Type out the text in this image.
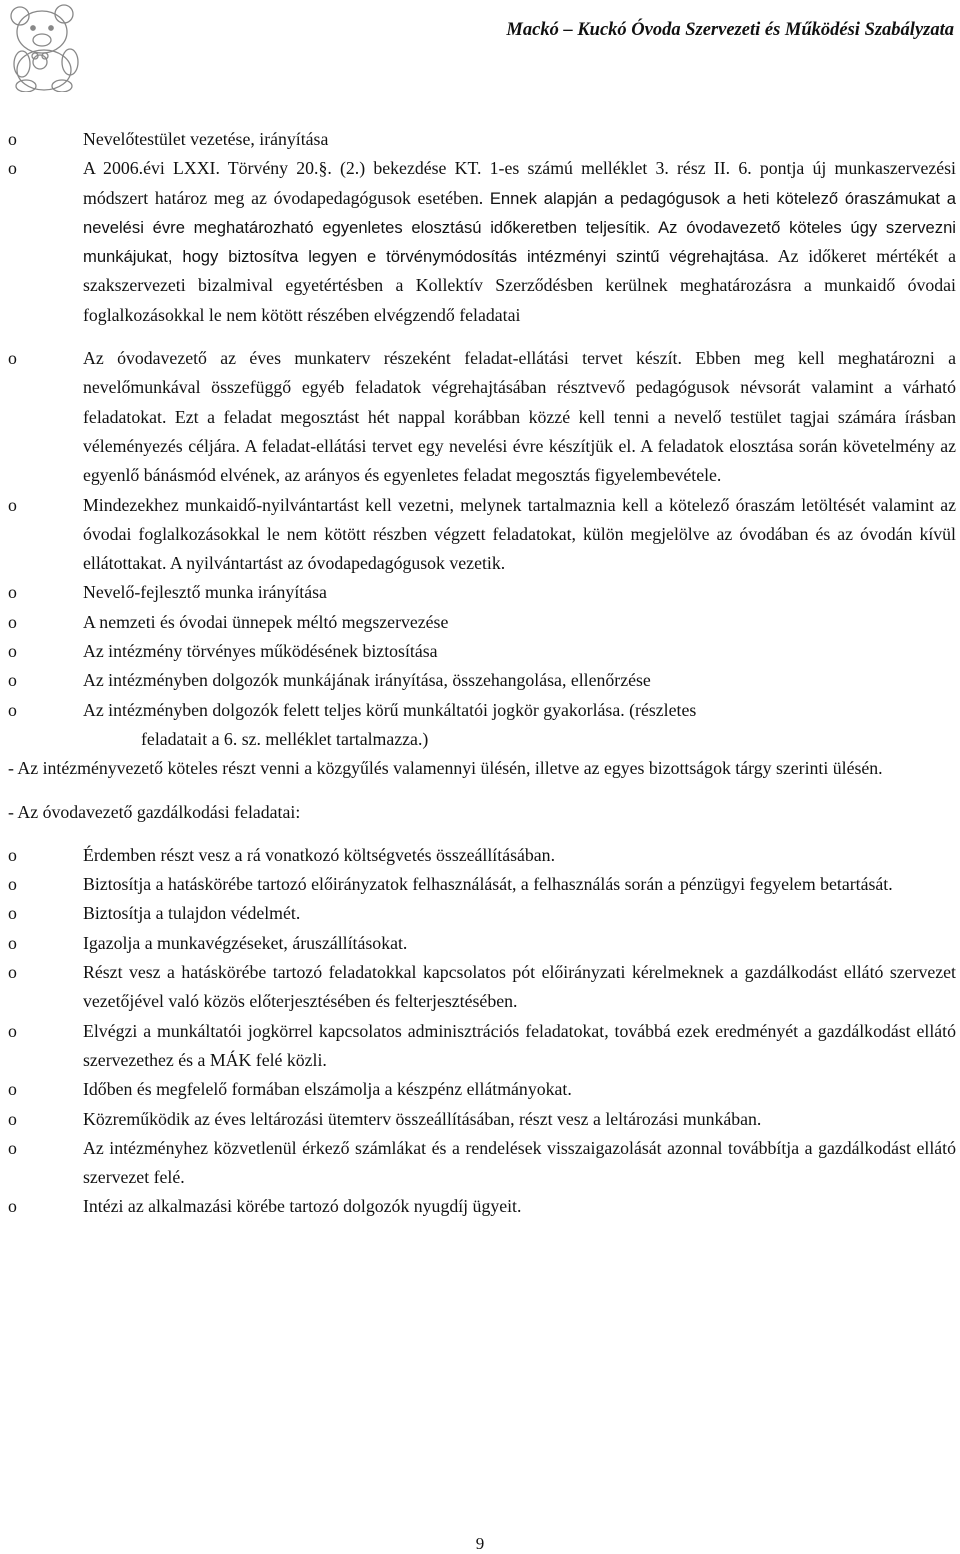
Mackó – Kuckó Óvoda Szervezeti és Működési Szabályzata
o	Nevelőtestület vezetése, irányítása
o	A 2006.évi LXXI. Törvény 20.§. (2.) bekezdése KT. 1-es számú melléklet 3. rész II. 6. pontja új munkaszervezési módszert határoz meg az óvodapedagógusok esetében. Ennek alapján a pedagógusok a heti kötelező óraszámukat a nevelési évre meghatározható egyenletes elosztású időkeretben teljesítik. Az óvodavezető köteles úgy szervezni munkájukat, hogy biztosítva legyen e törvénymódosítás intézményi szintű végrehajtása. Az időkeret mértékét a szakszervezeti bizalmival egyetértésben a Kollektív Szerződésben kerülnek meghatározásra a munkaidő óvodai foglalkozásokkal le nem kötött részében elvégzendő feladatai
o	Az óvodavezető az éves munkaterv részeként feladat-ellátási tervet készít. Ebben meg kell meghatározni a nevelőmunkával összefüggő egyéb feladatok végrehajtásában résztvevő pedagógusok névsorát valamint a várható feladatokat. Ezt a feladat megosztást hét nappal korábban közzé kell tenni a nevelő testület tagjai számára írásban véleményezés céljára. A feladat-ellátási tervet egy nevelési évre készítjük el. A feladatok elosztása során követelmény az egyenlő bánásmód elvének, az arányos és egyenletes feladat megosztás figyelembevétele.
o	Mindezekhez munkaidő-nyilvántartást kell vezetni, melynek tartalmaznia kell a kötelező óraszám letöltését valamint az óvodai foglalkozásokkal le nem kötött részben végzett feladatokat, külön megjelölve az óvodában és az óvodán kívül ellátottakat. A nyilvántartást az óvodapedagógusok vezetik.
o	Nevelő-fejlesztő munka irányítása
o	A nemzeti és óvodai ünnepek méltó megszervezése
o	Az intézmény törvényes működésének biztosítása
o	Az intézményben dolgozók munkájának irányítása, összehangolása, ellenőrzése
o	Az intézményben dolgozók felett teljes körű munkáltatói jogkör gyakorlása. (részletes
feladatait a 6. sz. melléklet tartalmazza.)
- Az intézményvezető köteles részt venni a közgyűlés valamennyi ülésén, illetve az egyes bizottságok tárgy szerinti ülésén.
- Az óvodavezető gazdálkodási feladatai:
o	Érdemben részt vesz a rá vonatkozó költségvetés összeállításában.
o	Biztosítja a hatáskörébe tartozó előirányzatok felhasználását, a felhasználás során a pénzügyi fegyelem betartását.
o	Biztosítja a tulajdon védelmét.
o	Igazolja a munkavégzéseket, áruszállításokat.
o	Részt vesz a hatáskörébe tartozó feladatokkal kapcsolatos pót előirányzati kérelmeknek a gazdálkodást ellátó szervezet vezetőjével való közös előterjesztésében és felterjesztésében.
o	Elvégzi a munkáltatói jogkörrel kapcsolatos adminisztrációs feladatokat, továbbá ezek eredményét a gazdálkodást ellátó szervezethez és a MÁK felé közli.
o	Időben és megfelelő formában elszámolja a készpénz ellátmányokat.
o	Közreműködik az éves leltározási ütemterv összeállításában, részt vesz a leltározási munkában.
o	Az intézményhez közvetlenül érkező számlákat és a rendelések visszaigazolását azonnal továbbítja a gazdálkodást ellátó szervezet felé.
o	Intézi az alkalmazási körébe tartozó dolgozók nyugdíj ügyeit.
9
